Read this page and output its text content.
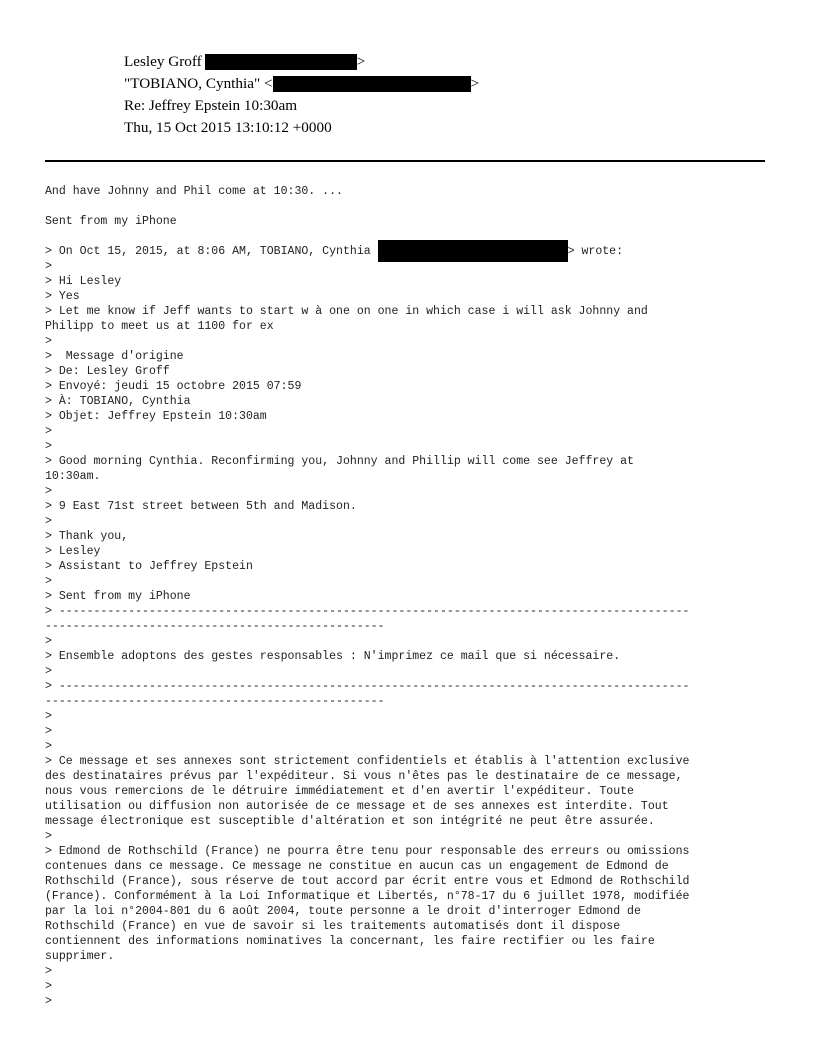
Lesley Groff	>
"TOBIANO, Cynthia" <	>
Re: Jeffrey Epstein 10:30am
Thu, 15 Oct 2015 13:10:12 +0000
And have Johnny and Phil come at 10:30. ...
Sent from my iPhone
> On Oct 15, 2015, at 8:06 AM, TOBIANO, Cynthia	> wrote:
>
> Hi Lesley
> Yes
> Let me know if Jeff wants to start w à one on one in which case i will ask Johnny and
Philipp to meet us at 1100 for ex
>
>  Message d'origine
> De: Lesley Groff
> Envoyé: jeudi 15 octobre 2015 07:59
> À: TOBIANO, Cynthia
> Objet: Jeffrey Epstein 10:30am
>
>
> Good morning Cynthia. Reconfirming you, Johnny and Phillip will come see Jeffrey at
10:30am.
>
> 9 East 71st street between 5th and Madison.
>
> Thank you,
> Lesley
> Assistant to Jeffrey Epstein
>
> Sent from my iPhone
> -------------------------------------------------------------------------------------------
-------------------------------------------------
>
> Ensemble adoptons des gestes responsables : N'imprimez ce mail que si nécessaire.
>
> -------------------------------------------------------------------------------------------
-------------------------------------------------
>
>
>
> Ce message et ses annexes sont strictement confidentiels et établis à l'attention exclusive
des destinataires prévus par l'expéditeur. Si vous n'êtes pas le destinataire de ce message,
nous vous remercions de le détruire immédiatement et d'en avertir l'expéditeur. Toute
utilisation ou diffusion non autorisée de ce message et de ses annexes est interdite. Tout
message électronique est susceptible d'altération et son intégrité ne peut être assurée.
>
> Edmond de Rothschild (France) ne pourra être tenu pour responsable des erreurs ou omissions
contenues dans ce message. Ce message ne constitue en aucun cas un engagement de Edmond de
Rothschild (France), sous réserve de tout accord par écrit entre vous et Edmond de Rothschild
(France). Conformément à la Loi Informatique et Libertés, n°78-17 du 6 juillet 1978, modifiée
par la loi n°2004-801 du 6 août 2004, toute personne a le droit d'interroger Edmond de
Rothschild (France) en vue de savoir si les traitements automatisés dont il dispose
contiennent des informations nominatives la concernant, les faire rectifier ou les faire
supprimer.
>
>
>
